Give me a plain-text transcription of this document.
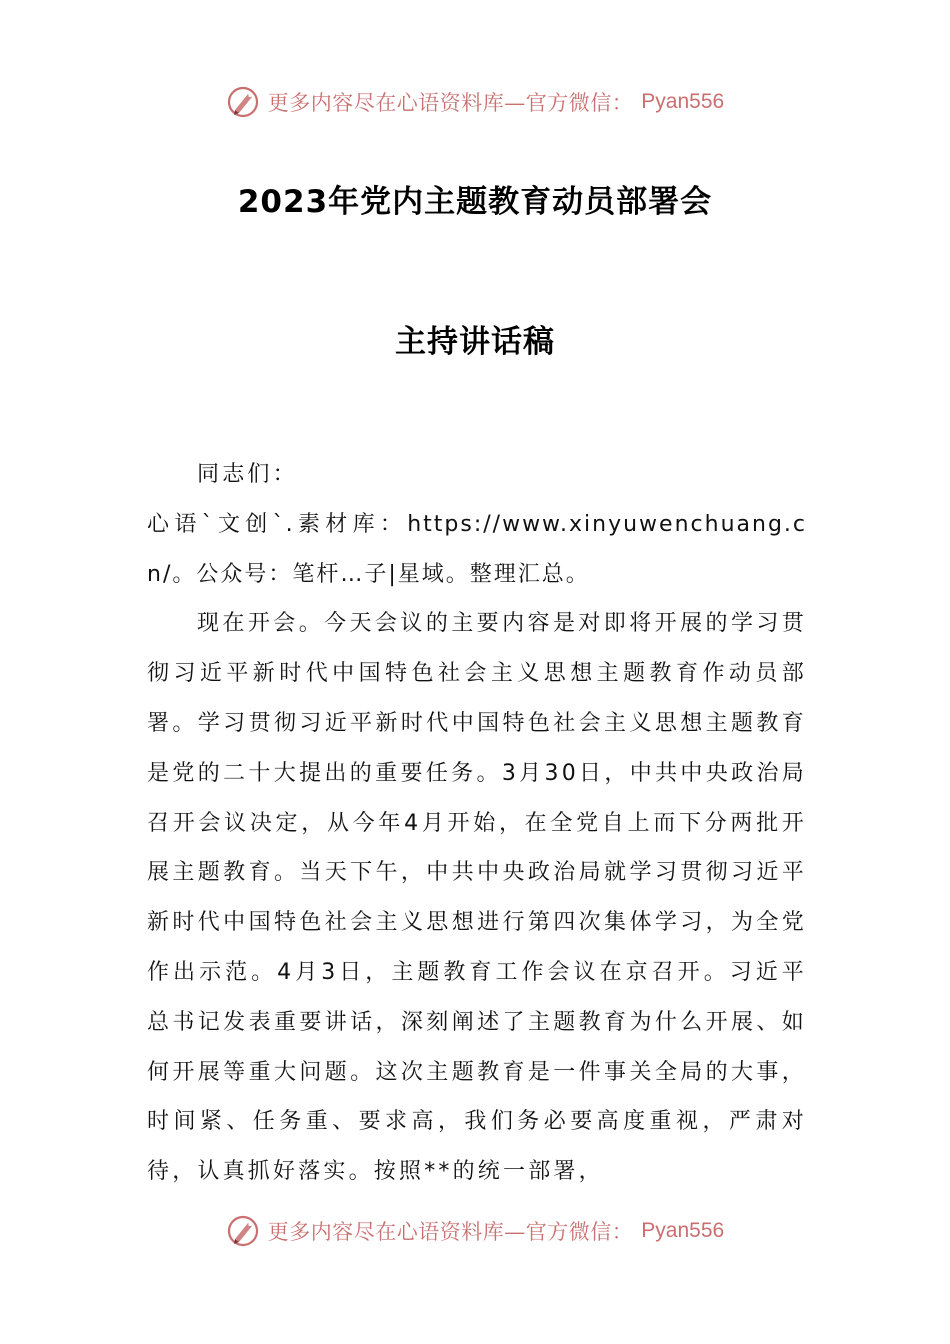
更多内容尽在心语资料库—官方微信： Pyan556
2023年党内主题教育动员部署会
主持讲话稿

同志们：

心语`文创`.素材库：https://www.xinyuwenchuang.cn/。公众号：笔杆…子|星域。整理汇总。

现在开会。今天会议的主要内容是对即将开展的学习贯彻习近平新时代中国特色社会主义思想主题教育作动员部署。学习贯彻习近平新时代中国特色社会主义思想主题教育是党的二十大提出的重要任务。3月30日，中共中央政治局召开会议决定，从今年4月开始，在全党自上而下分两批开展主题教育。当天下午，中共中央政治局就学习贯彻习近平新时代中国特色社会主义思想进行第四次集体学习，为全党作出示范。4月3日，主题教育工作会议在京召开。习近平总书记发表重要讲话，深刻阐述了主题教育为什么开展、如何开展等重大问题。这次主题教育是一件事关全局的大事，时间紧、任务重、要求高，我们务必要高度重视，严肃对待，认真抓好落实。按照**的统一部署，

更多内容尽在心语资料库—官方微信： Pyan556
